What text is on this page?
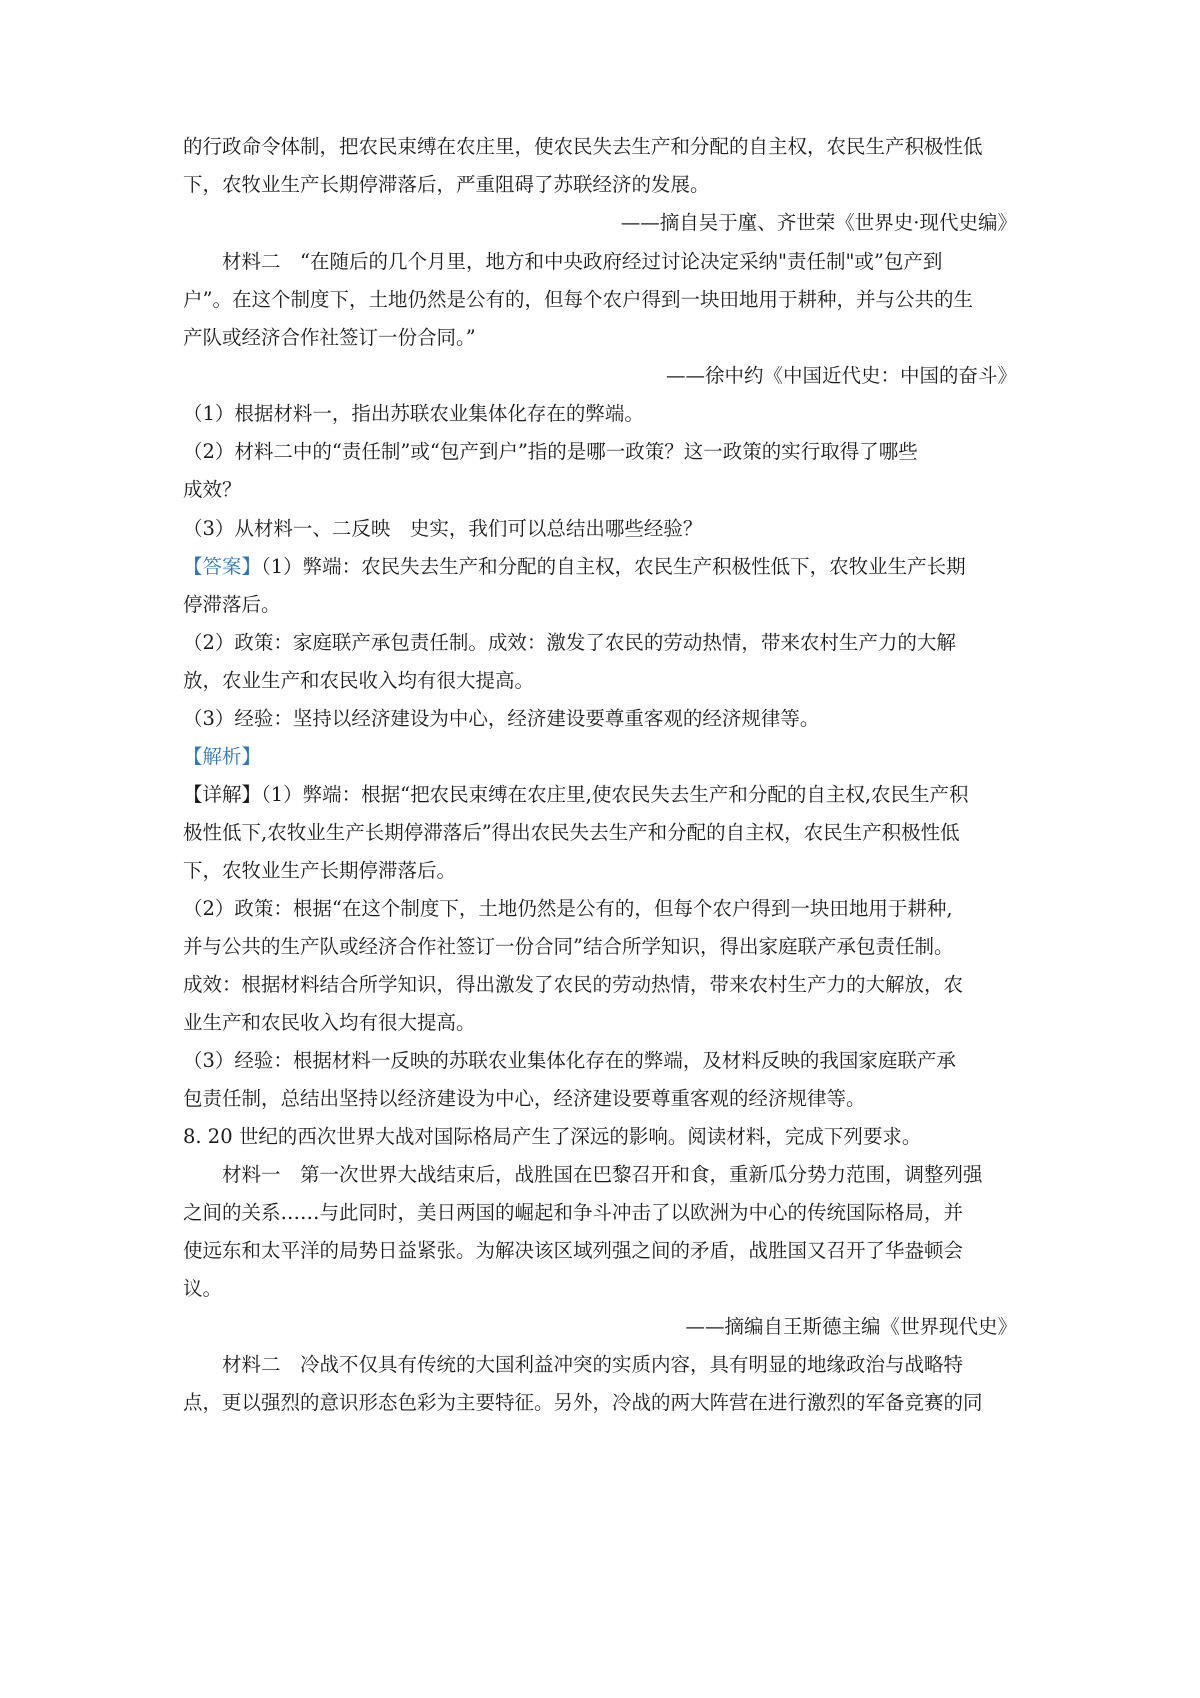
的行政命令体制，把农民束缚在农庄里，使农民失去生产和分配的自主权，农民生产积极性低
下，农牧业生产长期停滞落后，严重阻碍了苏联经济的发展。
——摘自吴于廑、齐世荣《世界史·现代史编》
材料二　“在随后的几个月里，地方和中央政府经过讨论决定采纳"责任制"或”包产到
户”。在这个制度下，土地仍然是公有的，但每个农户得到一块田地用于耕种，并与公共的生
产队或经济合作社签订一份合同。”
——徐中约《中国近代史：中国的奋斗》
（1）根据材料一，指出苏联农业集体化存在的弊端。
（2）材料二中的“责任制”或“包产到户”指的是哪一政策？这一政策的实行取得了哪些
成效？
（3）从材料一、二反映　史实，我们可以总结出哪些经验？
【答案】（1）弊端：农民失去生产和分配的自主权，农民生产积极性低下，农牧业生产长期
停滞落后。
（2）政策：家庭联产承包责任制。成效：激发了农民的劳动热情，带来农村生产力的大解
放，农业生产和农民收入均有很大提高。
（3）经验：坚持以经济建设为中心，经济建设要尊重客观的经济规律等。
【解析】
【详解】（1）弊端：根据“把农民束缚在农庄里,使农民失去生产和分配的自主权,农民生产积
极性低下,农牧业生产长期停滞落后”得出农民失去生产和分配的自主权，农民生产积极性低
下，农牧业生产长期停滞落后。
（2）政策：根据“在这个制度下，土地仍然是公有的，但每个农户得到一块田地用于耕种,
并与公共的生产队或经济合作社签订一份合同”结合所学知识，得出家庭联产承包责任制。
成效：根据材料结合所学知识，得出激发了农民的劳动热情，带来农村生产力的大解放，农
业生产和农民收入均有很大提高。
（3）经验：根据材料一反映的苏联农业集体化存在的弊端，及材料反映的我国家庭联产承
包责任制，总结出坚持以经济建设为中心，经济建设要尊重客观的经济规律等。
8. 20 世纪的西次世界大战对国际格局产生了深远的影响。阅读材料，完成下列要求。
材料一　第一次世界大战结束后，战胜国在巴黎召开和食，重新瓜分势力范围，调整列强
之间的关系……与此同时，美日两国的崛起和争斗冲击了以欧洲为中心的传统国际格局，并
使远东和太平洋的局势日益紧张。为解决该区域列强之间的矛盾，战胜国又召开了华盎顿会
议。
——摘编自王斯德主编《世界现代史》
材料二　冷战不仅具有传统的大国利益冲突的实质内容，具有明显的地缘政治与战略特
点，更以强烈的意识形态色彩为主要特征。另外，冷战的两大阵营在进行激烈的军备竞赛的同
